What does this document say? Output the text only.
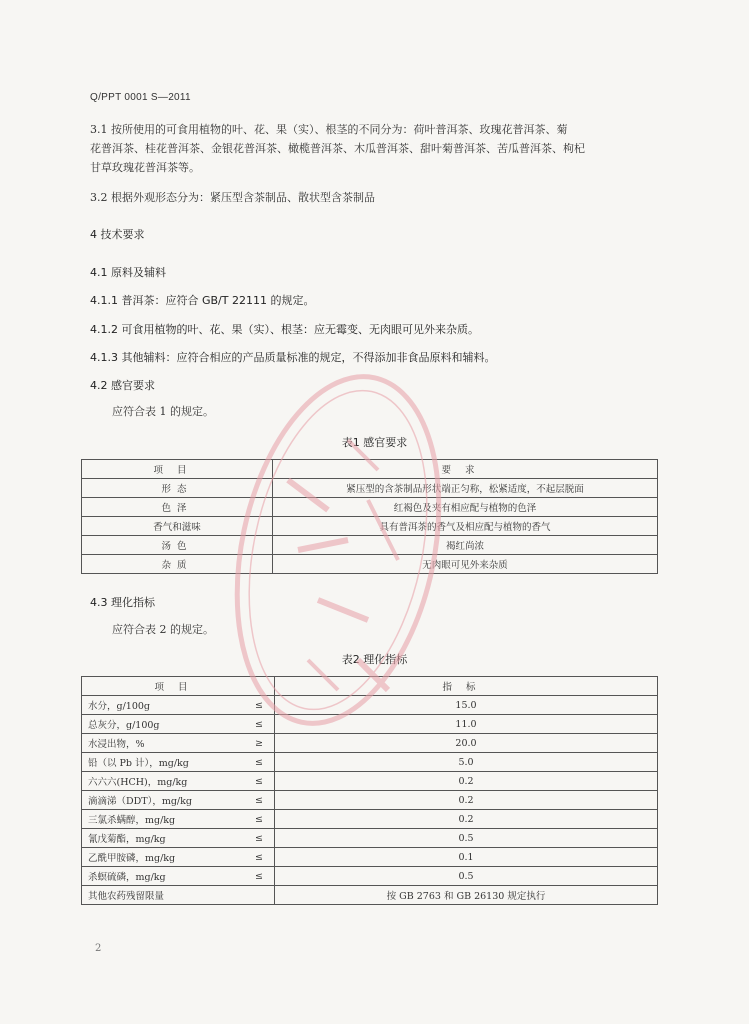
Q/PPT 0001 S—2011
3.1 按所使用的可食用植物的叶、花、果（实）、根茎的不同分为：荷叶普洱茶、玫瑰花普洱茶、菊
花普洱茶、桂花普洱茶、金银花普洱茶、橄榄普洱茶、木瓜普洱茶、甜叶菊普洱茶、苦瓜普洱茶、枸杞
甘草玫瑰花普洱茶等。
3.2 根据外观形态分为：紧压型含茶制品、散状型含茶制品
4 技术要求
4.1 原料及辅料
4.1.1 普洱茶：应符合 GB/T 22111 的规定。
4.1.2 可食用植物的叶、花、果（实）、根茎：应无霉变、无肉眼可见外来杂质。
4.1.3 其他辅料：应符合相应的产品质量标准的规定，不得添加非食品原料和辅料。
4.2 感官要求
应符合表 1 的规定。
表1 感官要求
项目	要求
形态	紧压型的含茶制品形状端正匀称，松紧适度，不起层脱面
色泽	红褐色及夹有相应配与植物的色泽
香气和滋味	具有普洱茶的香气及相应配与植物的香气
汤色	褐红尚浓
杂质	无肉眼可见外来杂质
4.3 理化指标
应符合表 2 的规定。
表2 理化指标
项目		指标
水分，g/100g	≤	15.0
总灰分，g/100g	≤	11.0
水浸出物，%	≥	20.0
铅（以 Pb 计），mg/kg	≤	5.0
六六六(HCH)，mg/kg	≤	0.2
滴滴涕（DDT），mg/kg	≤	0.2
三氯杀螨醇，mg/kg	≤	0.2
氰戊菊酯，mg/kg	≤	0.5
乙酰甲胺磷，mg/kg	≤	0.1
杀螟硫磷，mg/kg	≤	0.5
其他农药残留限量		按 GB 2763 和 GB 26130 规定执行
2
